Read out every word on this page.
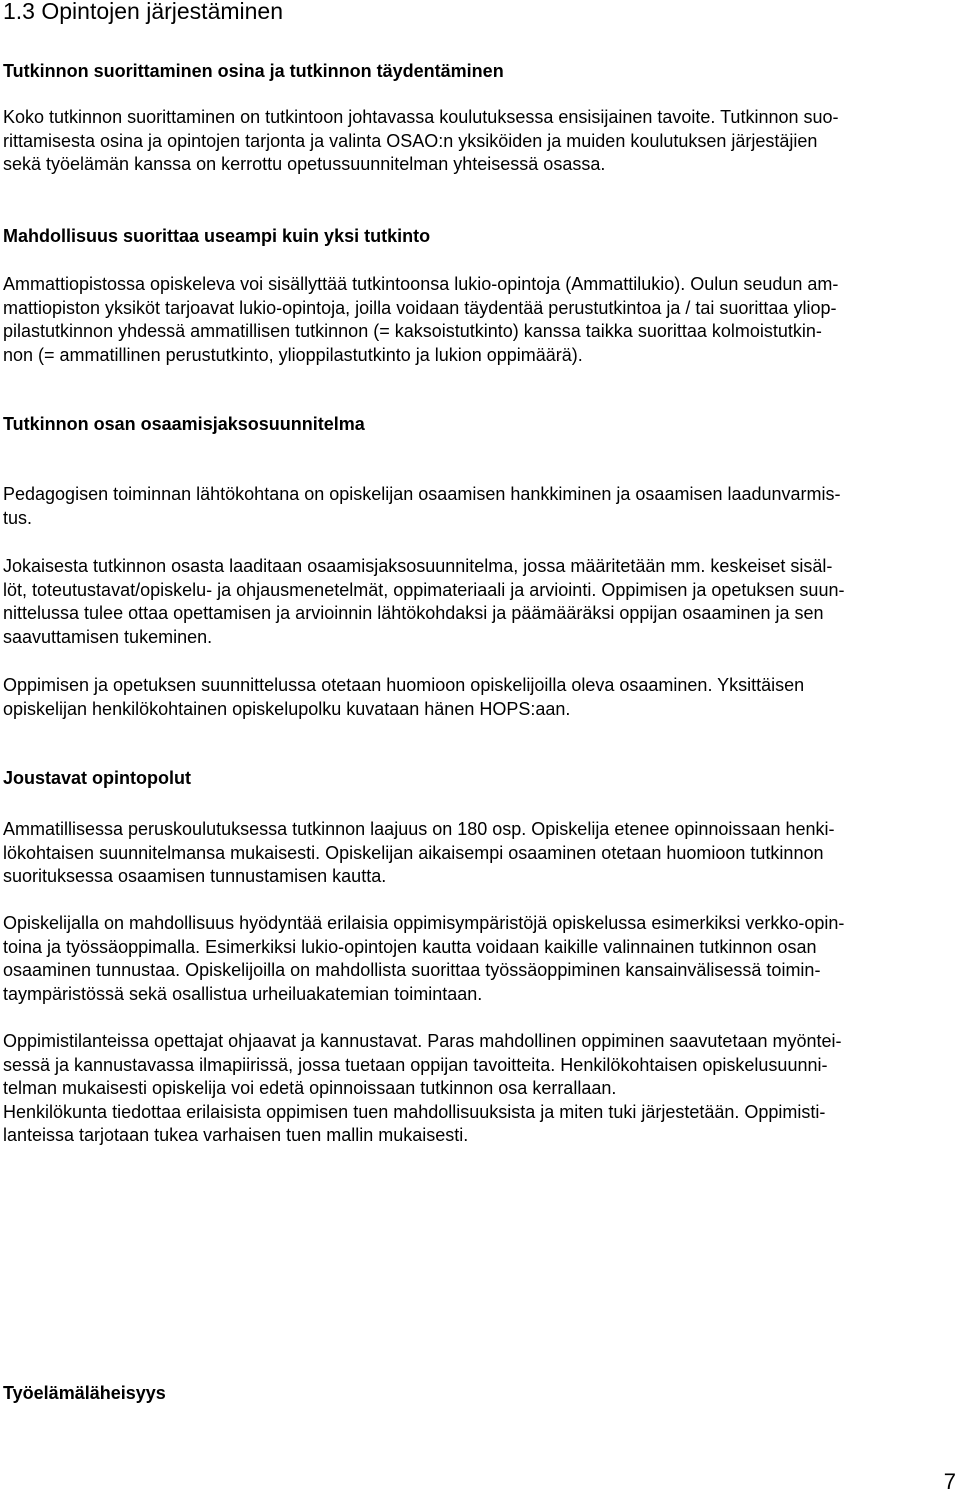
1.3 Opintojen järjestäminen
Tutkinnon suorittaminen osina ja tutkinnon täydentäminen
Koko tutkinnon suorittaminen on tutkintoon johtavassa koulutuksessa ensisijainen tavoite. Tutkinnon suo-
rittamisesta osina ja opintojen tarjonta ja valinta OSAO:n yksiköiden ja muiden koulutuksen järjestäjien
sekä työelämän kanssa on kerrottu opetussuunnitelman yhteisessä osassa.
Mahdollisuus suorittaa useampi kuin yksi tutkinto
Ammattiopistossa opiskeleva voi sisällyttää tutkintoonsa lukio-opintoja (Ammattilukio). Oulun seudun am-
mattiopiston yksiköt tarjoavat lukio-opintoja, joilla voidaan täydentää perustutkintoa ja / tai suorittaa yliop-
pilastutkinnon yhdessä ammatillisen tutkinnon (= kaksoistutkinto) kanssa taikka suorittaa kolmoistutkin-
non (= ammatillinen perustutkinto, ylioppilastutkinto ja lukion oppimäärä).
Tutkinnon osan osaamisjaksosuunnitelma
Pedagogisen toiminnan lähtökohtana on opiskelijan osaamisen hankkiminen ja osaamisen laadunvarmis-
tus.
Jokaisesta tutkinnon osasta laaditaan osaamisjaksosuunnitelma, jossa määritetään mm. keskeiset sisäl-
löt, toteutustavat/opiskelu- ja ohjausmenetelmät, oppimateriaali ja arviointi. Oppimisen ja opetuksen suun-
nittelussa tulee ottaa opettamisen ja arvioinnin lähtökohdaksi ja päämääräksi oppijan osaaminen ja sen
saavuttamisen tukeminen.
Oppimisen ja opetuksen suunnittelussa otetaan huomioon opiskelijoilla oleva osaaminen. Yksittäisen
opiskelijan henkilökohtainen opiskelupolku kuvataan hänen HOPS:aan.
Joustavat opintopolut
Ammatillisessa peruskoulutuksessa tutkinnon laajuus on 180 osp. Opiskelija etenee opinnoissaan henki-
lökohtaisen suunnitelmansa mukaisesti. Opiskelijan aikaisempi osaaminen otetaan huomioon tutkinnon
suorituksessa osaamisen tunnustamisen kautta.
Opiskelijalla on mahdollisuus hyödyntää erilaisia oppimisympäristöjä opiskelussa esimerkiksi verkko-opin-
toina ja työssäoppimalla. Esimerkiksi lukio-opintojen kautta voidaan kaikille valinnainen tutkinnon osan
osaaminen tunnustaa. Opiskelijoilla on mahdollista suorittaa työssäoppiminen kansainvälisessä toimin-
taympäristössä sekä osallistua urheiluakatemian toimintaan.
Oppimistilanteissa opettajat ohjaavat ja kannustavat. Paras mahdollinen oppiminen saavutetaan myöntei-
sessä ja kannustavassa ilmapiirissä, jossa tuetaan oppijan tavoitteita. Henkilökohtaisen opiskelusuunni-
telman mukaisesti opiskelija voi edetä opinnoissaan tutkinnon osa kerrallaan.
Henkilökunta tiedottaa erilaisista oppimisen tuen mahdollisuuksista ja miten tuki järjestetään. Oppimisti-
lanteissa tarjotaan tukea varhaisen tuen mallin mukaisesti.
Työelämäläheisyys

7
